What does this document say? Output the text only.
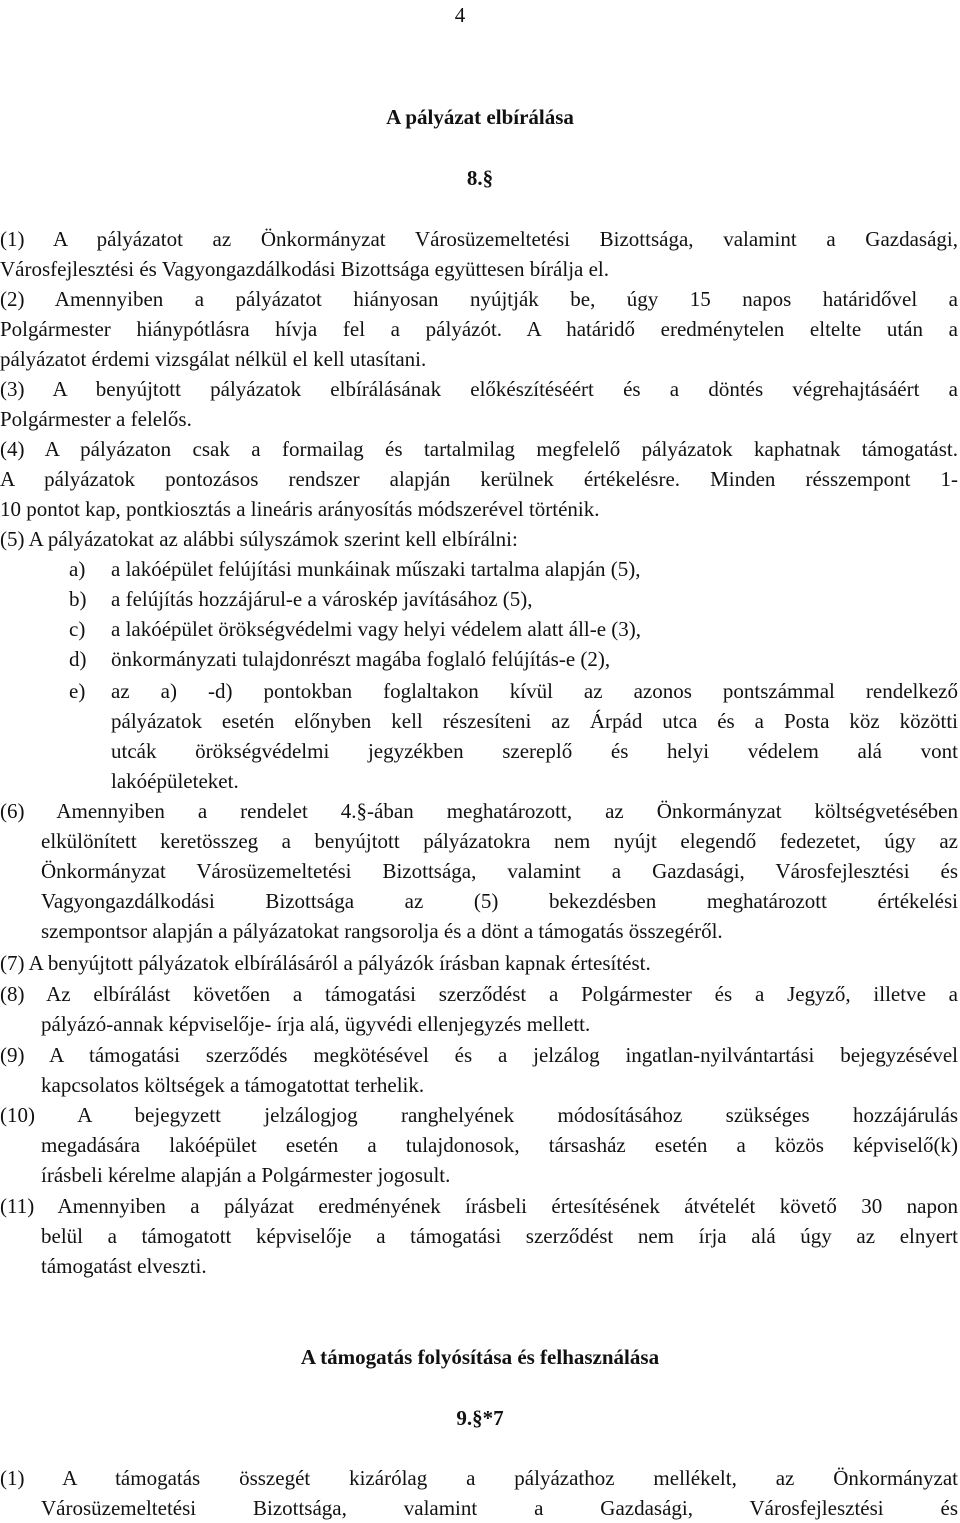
4
A pályázat elbírálása
8.§
(1) A pályázatot az Önkormányzat Városüzemeltetési Bizottsága, valamint a Gazdasági,
Városfejlesztési és Vagyongazdálkodási Bizottsága együttesen bírálja el.
(2) Amennyiben a pályázatot hiányosan nyújtják be, úgy 15 napos határidővel a
Polgármester hiánypótlásra hívja fel a pályázót. A határidő eredménytelen eltelte után a
pályázatot érdemi vizsgálat nélkül el kell utasítani.
(3) A benyújtott pályázatok elbírálásának előkészítéséért és a döntés végrehajtásáért a
Polgármester a felelős.
(4) A pályázaton csak a formailag és tartalmilag megfelelő pályázatok kaphatnak támogatást.
A pályázatok pontozásos rendszer alapján kerülnek értékelésre. Minden résszempont 1-
10 pontot kap, pontkiosztás a lineáris arányosítás módszerével történik.
(5) A pályázatokat az alábbi súlyszámok szerint kell elbírálni:
a)	a lakóépület felújítási munkáinak műszaki tartalma alapján (5),
b)	a felújítás hozzájárul-e a városkép javításához (5),
c)	a lakóépület örökségvédelmi vagy helyi védelem alatt áll-e (3),
d)	önkormányzati tulajdonrészt magába foglaló felújítás-e (2),
e)	az a) -d) pontokban foglaltakon kívül az azonos pontszámmal rendelkező
pályázatok esetén előnyben kell részesíteni az Árpád utca és a Posta köz közötti
utcák örökségvédelmi jegyzékben szereplő és helyi védelem alá vont
lakóépületeket.
(6) Amennyiben a rendelet 4.§-ában meghatározott, az Önkormányzat költségvetésében
elkülönített keretösszeg a benyújtott pályázatokra nem nyújt elegendő fedezetet, úgy az
Önkormányzat Városüzemeltetési Bizottsága, valamint a Gazdasági, Városfejlesztési és
Vagyongazdálkodási Bizottsága az (5) bekezdésben meghatározott értékelési
szempontsor alapján a pályázatokat rangsorolja és a dönt a támogatás összegéről.
(7) A benyújtott pályázatok elbírálásáról a pályázók írásban kapnak értesítést.
(8) Az elbírálást követően a támogatási szerződést a Polgármester és a Jegyző, illetve a
pályázó-annak képviselője- írja alá, ügyvédi ellenjegyzés mellett.
(9) A támogatási szerződés megkötésével és a jelzálog ingatlan-nyilvántartási bejegyzésével
kapcsolatos költségek a támogatottat terhelik.
(10) A bejegyzett jelzálogjog ranghelyének módosításához szükséges hozzájárulás
megadására lakóépület esetén a tulajdonosok, társasház esetén a közös képviselő(k)
írásbeli kérelme alapján a Polgármester jogosult.
(11) Amennyiben a pályázat eredményének írásbeli értesítésének átvételét követő 30 napon
belül a támogatott képviselője a támogatási szerződést nem írja alá úgy az elnyert
támogatást elveszti.
A támogatás folyósítása és felhasználása
9.§*7
(1) A támogatás összegét kizárólag a pályázathoz mellékelt, az Önkormányzat
Városüzemeltetési Bizottsága, valamint a Gazdasági, Városfejlesztési és
